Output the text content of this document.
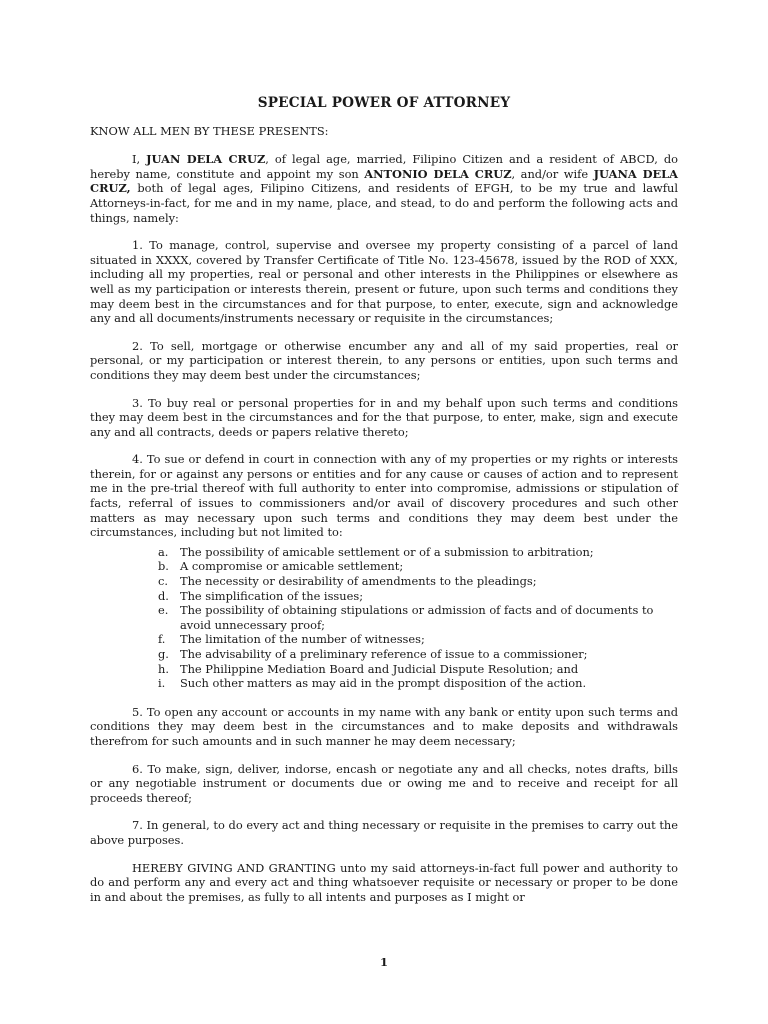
SPECIAL POWER OF ATTORNEY
KNOW ALL MEN BY THESE PRESENTS:

I, JUAN DELA CRUZ, of legal age, married, Filipino Citizen and a resident of ABCD, do hereby name, constitute and appoint my son ANTONIO DELA CRUZ, and/or wife JUANA DELA CRUZ, both of legal ages, Filipino Citizens, and residents of EFGH, to be my true and lawful Attorneys-in-fact, for me and in my name, place, and stead, to do and perform the following acts and things, namely:

1. To manage, control, supervise and oversee my property consisting of a parcel of land situated in XXXX, covered by Transfer Certificate of Title No. 123-45678, issued by the ROD of XXX, including all my properties, real or personal and other interests in the Philippines or elsewhere as well as my participation or interests therein, present or future, upon such terms and conditions they may deem best in the circumstances and for that purpose, to enter, execute, sign and acknowledge any and all documents/instruments necessary or requisite in the circumstances;

2. To sell, mortgage or otherwise encumber any and all of my said properties, real or personal, or my participation or interest therein, to any persons or entities, upon such terms and conditions they may deem best under the circumstances;

3. To buy real or personal properties for in and my behalf upon such terms and conditions they may deem best in the circumstances and for the that purpose, to enter, make, sign and execute any and all contracts, deeds or papers relative thereto;

4. To sue or defend in court in connection with any of my properties or my rights or interests therein, for or against any persons or entities and for any cause or causes of action and to represent me in the pre-trial thereof with full authority to enter into compromise, admissions or stipulation of facts, referral of issues to commissioners and/or avail of discovery procedures and such other matters as may necessary upon such terms and conditions they may deem best under the circumstances, including but not limited to:

a. The possibility of amicable settlement or of a submission to arbitration;
b. A compromise or amicable settlement;
c. The necessity or desirability of amendments to the pleadings;
d. The simplification of the issues;
e. The possibility of obtaining stipulations or admission of facts and of documents to avoid unnecessary proof;
f. The limitation of the number of witnesses;
g. The advisability of a preliminary reference of issue to a commissioner;
h. The Philippine Mediation Board and Judicial Dispute Resolution; and
i. Such other matters as may aid in the prompt disposition of the action.

5. To open any account or accounts in my name with any bank or entity upon such terms and conditions they may deem best in the circumstances and to make deposits and withdrawals therefrom for such amounts and in such manner he may deem necessary;

6. To make, sign, deliver, indorse, encash or negotiate any and all checks, notes drafts, bills or any negotiable instrument or documents due or owing me and to receive and receipt for all proceeds thereof;

7. In general, to do every act and thing necessary or requisite in the premises to carry out the above purposes.

HEREBY GIVING AND GRANTING unto my said attorneys-in-fact full power and authority to do and perform any and every act and thing whatsoever requisite or necessary or proper to be done in and about the premises, as fully to all intents and purposes as I might or

1
